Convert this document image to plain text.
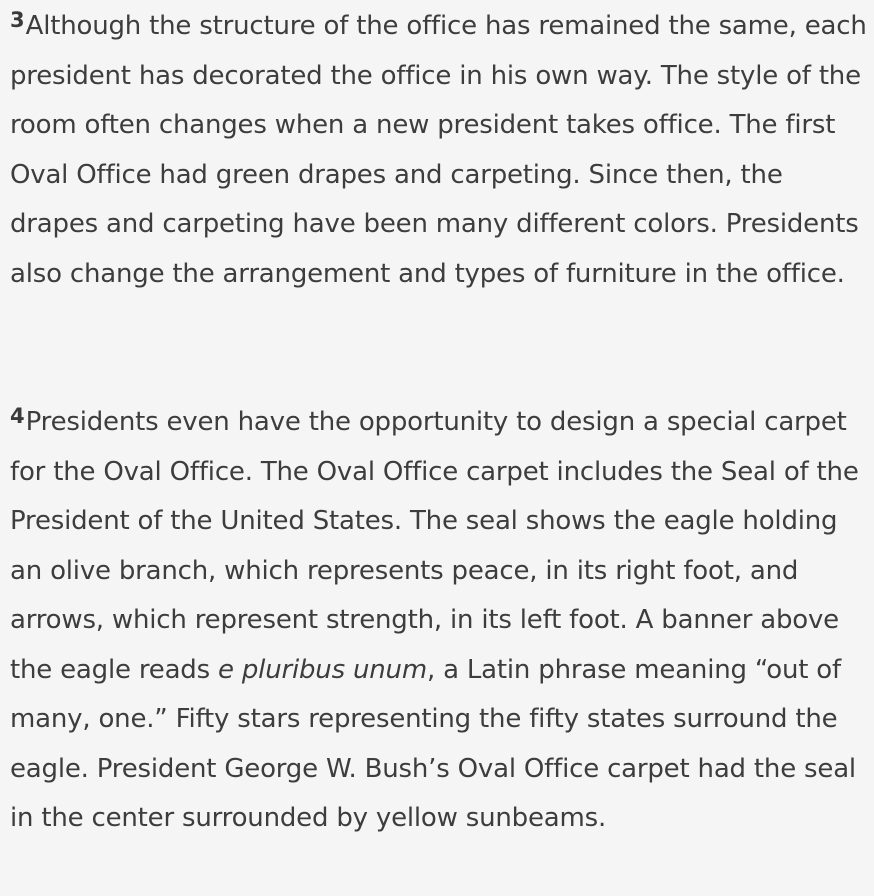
$^3$Although the structure of the office has remained the same, each president has decorated the office in his own way. The style of the room often changes when a new president takes office. The first Oval Office had green drapes and carpeting. Since then, the drapes and carpeting have been many different colors. Presidents also change the arrangement and types of furniture in the office.

$^4$Presidents even have the opportunity to design a special carpet for the Oval Office. The Oval Office carpet includes the Seal of the President of the United States. The seal shows the eagle holding an olive branch, which represents peace, in its right foot, and arrows, which represent strength, in its left foot. A banner above the eagle reads e pluribus unum, a Latin phrase meaning “out of many, one.” Fifty stars representing the fifty states surround the eagle. President George W. Bush’s Oval Office carpet had the seal in the center surrounded by yellow sunbeams.
